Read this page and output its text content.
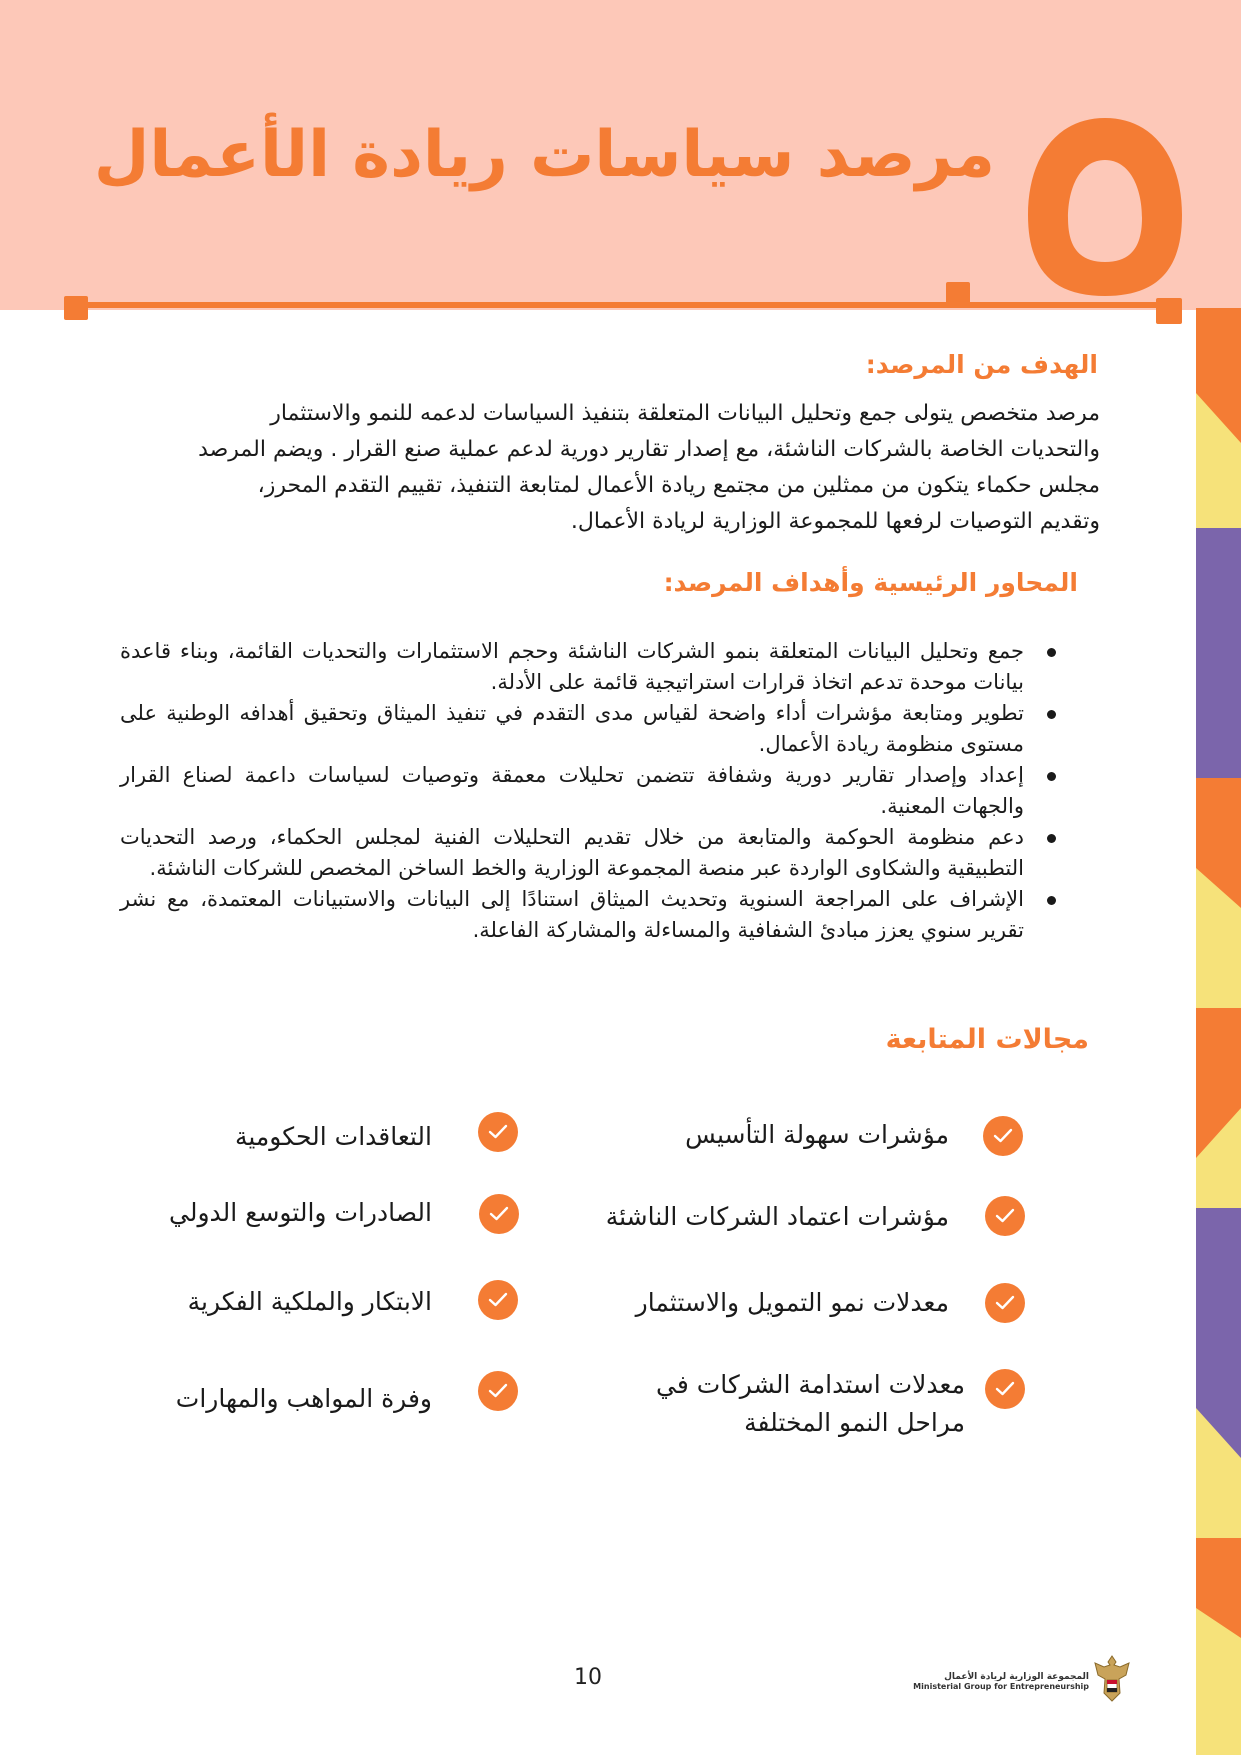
مرصد سياسات ريادة الأعمال
الهدف من المرصد:
مرصد متخصص يتولى جمع وتحليل البيانات المتعلقة بتنفيذ السياسات لدعمه للنمو والاستثمار
والتحديات الخاصة بالشركات الناشئة، مع إصدار تقارير دورية لدعم عملية صنع القرار . ويضم المرصد
مجلس حكماء يتكون من ممثلين من مجتمع ريادة الأعمال لمتابعة التنفيذ، تقييم التقدم المحرز،
وتقديم التوصيات لرفعها للمجموعة الوزارية لريادة الأعمال.
المحاور الرئيسية وأهداف المرصد:
جمع وتحليل البيانات المتعلقة بنمو الشركات الناشئة وحجم الاستثمارات والتحديات القائمة، وبناء قاعدة بيانات موحدة تدعم اتخاذ قرارات استراتيجية قائمة على الأدلة.
تطوير ومتابعة مؤشرات أداء واضحة لقياس مدى التقدم في تنفيذ الميثاق وتحقيق أهدافه الوطنية على مستوى منظومة ريادة الأعمال.
إعداد وإصدار تقارير دورية وشفافة تتضمن تحليلات معمقة وتوصيات لسياسات داعمة لصناع القرار والجهات المعنية.
دعم منظومة الحوكمة والمتابعة من خلال تقديم التحليلات الفنية لمجلس الحكماء، ورصد التحديات التطبيقية والشكاوى الواردة عبر منصة المجموعة الوزارية والخط الساخن المخصص للشركات الناشئة.
الإشراف على المراجعة السنوية وتحديث الميثاق استنادًا إلى البيانات والاستبيانات المعتمدة، مع نشر تقرير سنوي يعزز مبادئ الشفافية والمساءلة والمشاركة الفاعلة.
مجالات المتابعة
مؤشرات سهولة التأسيس
مؤشرات اعتماد الشركات الناشئة
معدلات نمو التمويل والاستثمار
معدلات استدامة الشركات في
مراحل النمو المختلفة
التعاقدات الحكومية
الصادرات والتوسع الدولي
الابتكار والملكية الفكرية
وفرة المواهب والمهارات
10	المجموعة الوزارية لريادة الأعمال
Ministerial Group for Entrepreneurship
